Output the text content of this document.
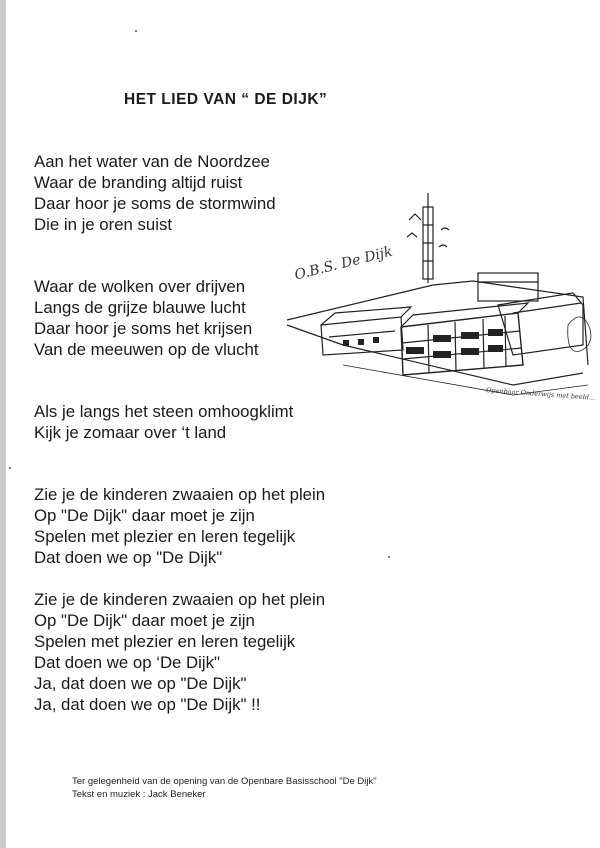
HET LIED VAN “ DE DIJK”
Aan het water van de Noordzee
Waar de branding altijd ruist
Daar hoor je soms de stormwind
Die in je oren suist
Waar de wolken over drijven
Langs de grijze blauwe lucht
Daar hoor je soms het krijsen
Van de meeuwen op de vlucht
Als je langs het steen omhoogklimt
Kijk je zomaar over ‘t land
Zie je de kinderen zwaaien op het plein
Op "De Dijk" daar moet je zijn
Spelen met plezier en leren tegelijk
Dat doen we op "De Dijk"
Zie je de kinderen zwaaien op het plein
Op "De Dijk" daar moet je zijn
Spelen met plezier en leren tegelijk
Dat doen we op ‘De Dijk"
Ja, dat doen we op "De Dijk"
Ja, dat doen we op "De Dijk" !!
O.B.S. De Dijk
Openbaar Onderwijs met beeld...
Ter gelegenheid van de opening van de Openbare Basisschool "De Dijk"
Tekst en muziek : Jack Beneker
